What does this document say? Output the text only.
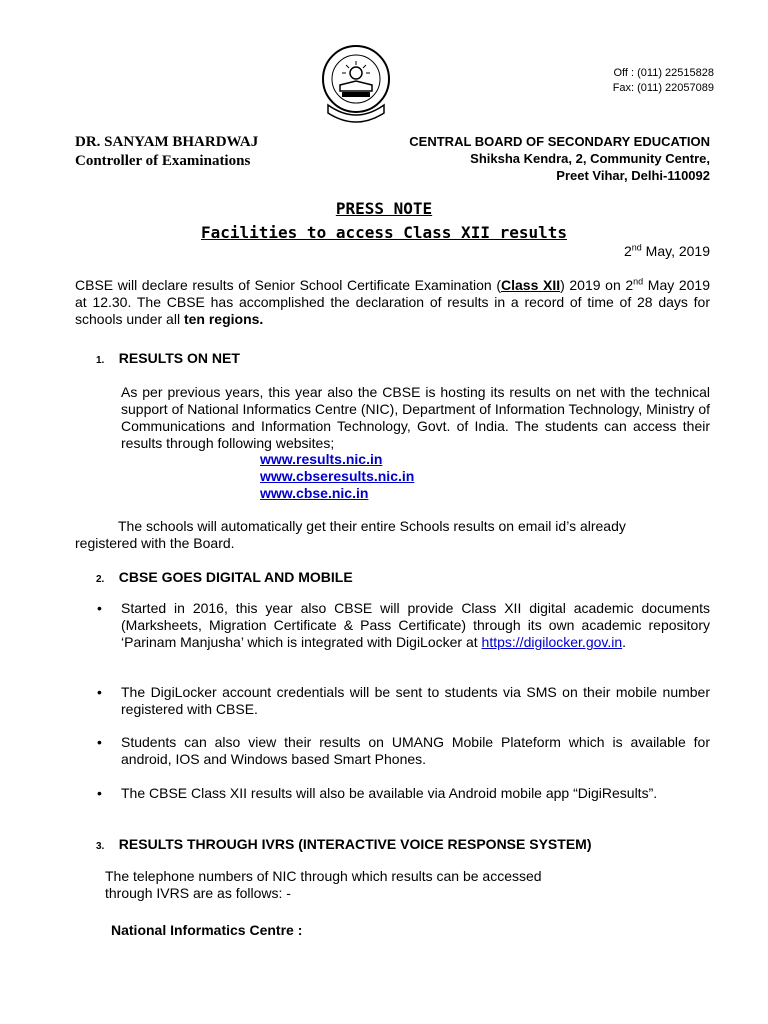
Off : (011) 22515828
Fax: (011) 22057089
DR. SANYAM BHARDWAJ
Controller of Examinations
CENTRAL BOARD OF SECONDARY EDUCATION
Shiksha Kendra, 2, Community Centre,
Preet Vihar, Delhi-110092
PRESS NOTE
Facilities to access Class XII results
2nd May, 2019
CBSE will declare results of Senior School Certificate Examination (Class XII) 2019 on 2nd May 2019 at 12.30. The CBSE has accomplished the declaration of results in a record of time of 28 days for schools under all ten regions.
1. RESULTS ON NET
As per previous years, this year also the CBSE is hosting its results on net with the technical support of National Informatics Centre (NIC), Department of Information Technology, Ministry of Communications and Information Technology, Govt. of India. The students can access their results through following websites;
www.results.nic.in
www.cbseresults.nic.in
www.cbse.nic.in
The schools will automatically get their entire Schools results on email id’s already
registered with the Board.
2. CBSE GOES DIGITAL AND MOBILE
• Started in 2016, this year also CBSE will provide Class XII digital academic documents (Marksheets, Migration Certificate & Pass Certificate) through its own academic repository ‘Parinam Manjusha’ which is integrated with DigiLocker at https://digilocker.gov.in.
• The DigiLocker account credentials will be sent to students via SMS on their mobile number registered with CBSE.
• Students can also view their results on UMANG Mobile Plateform which is available for android, IOS and Windows based Smart Phones.
• The CBSE Class XII results will also be available via Android mobile app “DigiResults”.
3. RESULTS THROUGH IVRS (INTERACTIVE VOICE RESPONSE SYSTEM)
The telephone numbers of NIC through which results can be accessed
through IVRS are as follows: -
National Informatics Centre :
